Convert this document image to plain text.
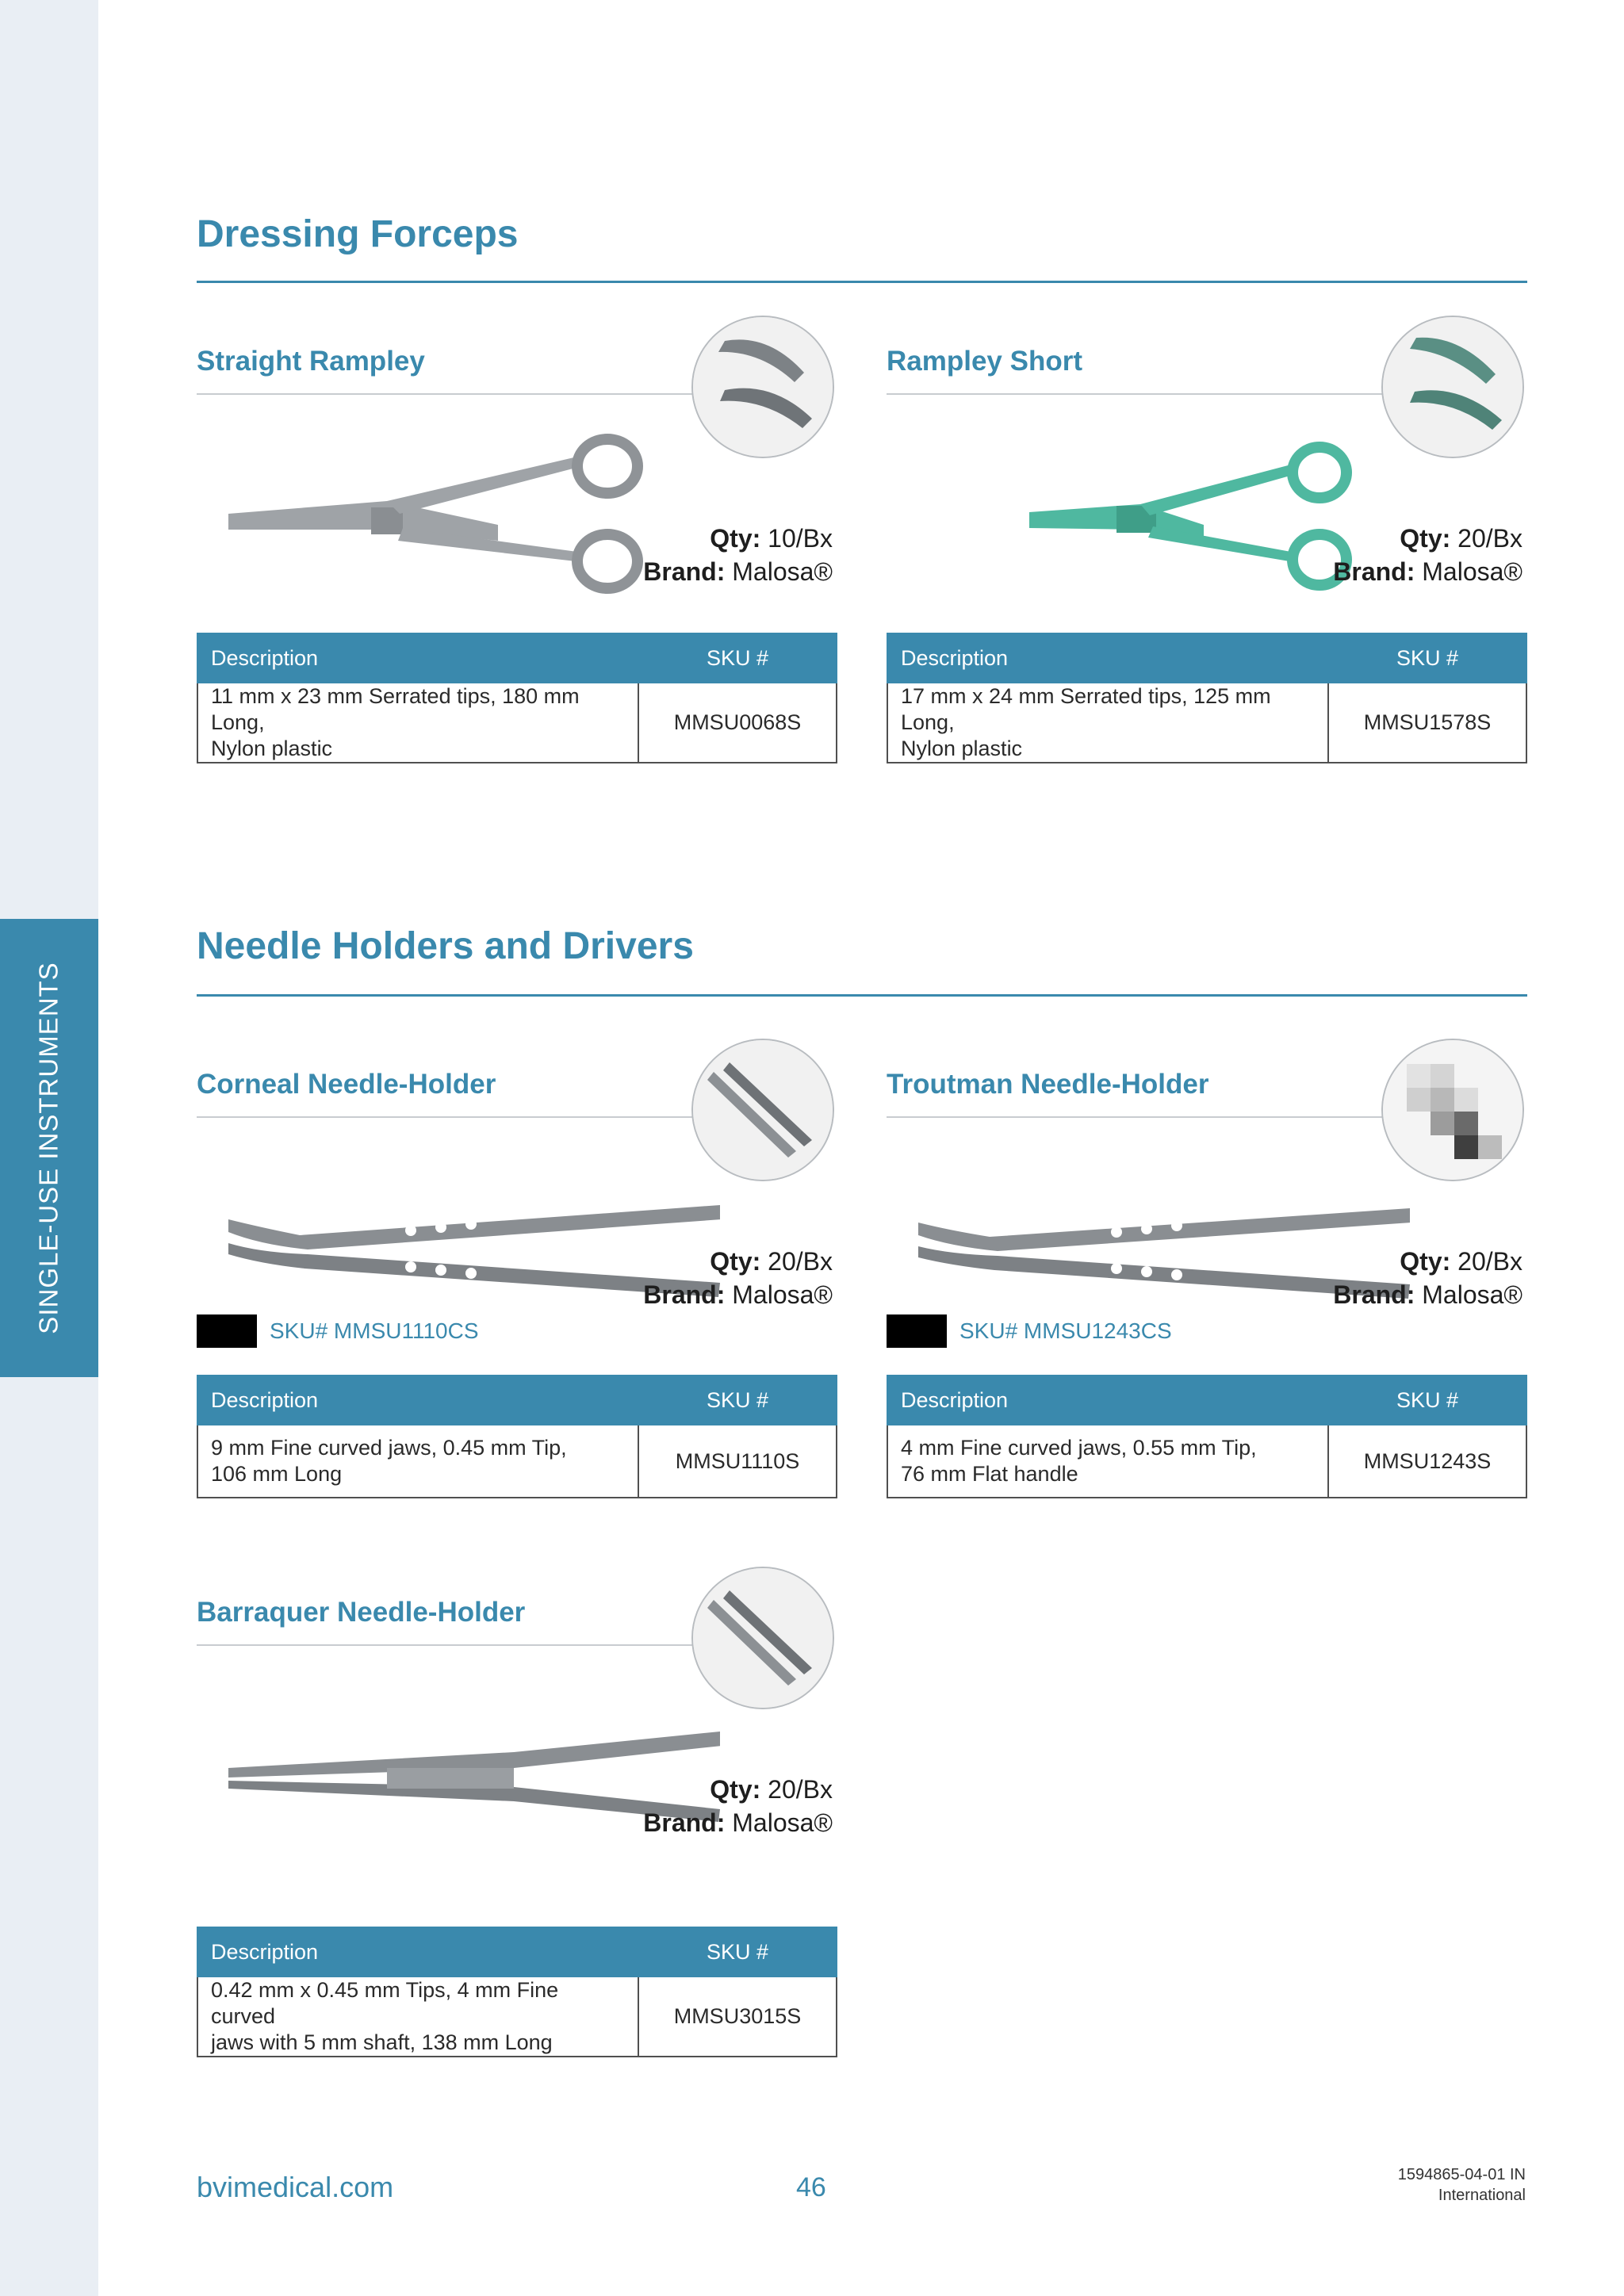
SINGLE-USE INSTRUMENTS
Dressing Forceps
Straight Rampley
Qty: 10/Bx
Brand: Malosa®
Description	SKU #

11 mm x 23 mm Serrated tips, 180 mm Long,
Nylon plastic	MMSU0068S
Rampley Short
Qty: 20/Bx
Brand: Malosa®
Description	SKU #

17 mm x 24 mm Serrated tips, 125 mm Long,
Nylon plastic	MMSU1578S
Needle Holders and Drivers
Corneal Needle-Holder
Qty: 20/Bx
Brand: Malosa®
SKU# MMSU1110CS
Description	SKU #

9 mm Fine curved jaws, 0.45 mm Tip,
106 mm Long	MMSU1110S
Troutman Needle-Holder
Qty: 20/Bx
Brand: Malosa®
SKU# MMSU1243CS
Description	SKU #

4 mm Fine curved jaws, 0.55 mm Tip,
76 mm Flat handle	MMSU1243S
Barraquer Needle-Holder
Qty: 20/Bx
Brand: Malosa®
Description	SKU #

0.42 mm x 0.45 mm Tips, 4 mm Fine curved
jaws with 5 mm shaft, 138 mm Long	MMSU3015S
bvimedical.com	46	1594865-04-01 IN
International
